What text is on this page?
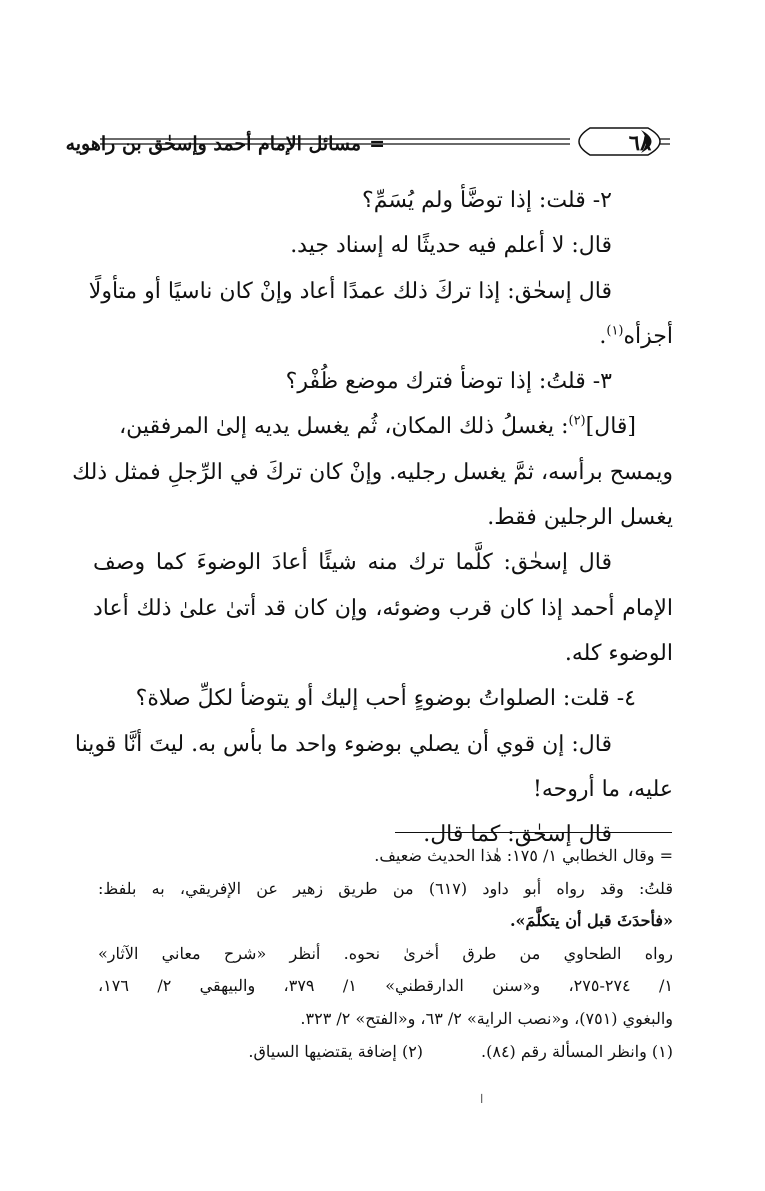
=مسائل الإمام أحمد وإسحٰق بن راهويه	٦٨
٢- قلت: إذا توضَّأ ولم يُسَمِّ؟
قال: لا أعلم فيه حديثًا له إسناد جيد.
قال إسحٰق: إذا تركَ ذلك عمدًا أعاد وإنْ كان ناسيًا أو متأولًا
أجزأه$^{(١)}$.
٣- قلتُ: إذا توضأ فترك موضع ظُفْر؟
[قال]$^{(٢)}$: يغسلُ ذلك المكان، ثُم يغسل يديه إلىٰ المرفقين،
ويمسح برأسه، ثمَّ يغسل رجليه. وإنْ كان تركَ في الرِّجلِ فمثل ذلك
يغسل الرجلين فقط.
قال إسحٰق: كلَّما ترك منه شيئًا أعادَ الوضوءَ كما وصف
الإمام أحمد إذا كان قرب وضوئه، وإن كان قد أتىٰ علىٰ ذلك أعاد
الوضوء كله.
٤- قلت: الصلواتُ بوضوءٍ أحب إليك أو يتوضأ لكلِّ صلاة؟
قال: إن قوي أن يصلي بوضوء واحد ما بأس به. ليتَ أنَّا قوينا
عليه، ما أروحه!
قال إسحٰق: كما قال.
= وقال الخطابي ١/ ١٧٥: هٰذا الحديث ضعيف.
قلتُ: وقد رواه أبو داود (٦١٧) من طريق زهير عن الإفريقي، به بلفظ:
«فأحدَثَ قبل أن يتكلَّمَ».
رواه الطحاوي من طرق أخرىٰ نحوه. أنظر «شرح معاني الآثار»
١/ ٢٧٤-٢٧٥، و«سنن الدارقطني» ١/ ٣٧٩، والبيهقي ٢/ ١٧٦،
والبغوي (٧٥١)، و«نصب الراية» ٢/ ٦٣، و«الفتح» ٢/ ٣٢٣.
(١) وانظر المسألة رقم (٨٤).(٢) إضافة يقتضيها السياق.
ا
